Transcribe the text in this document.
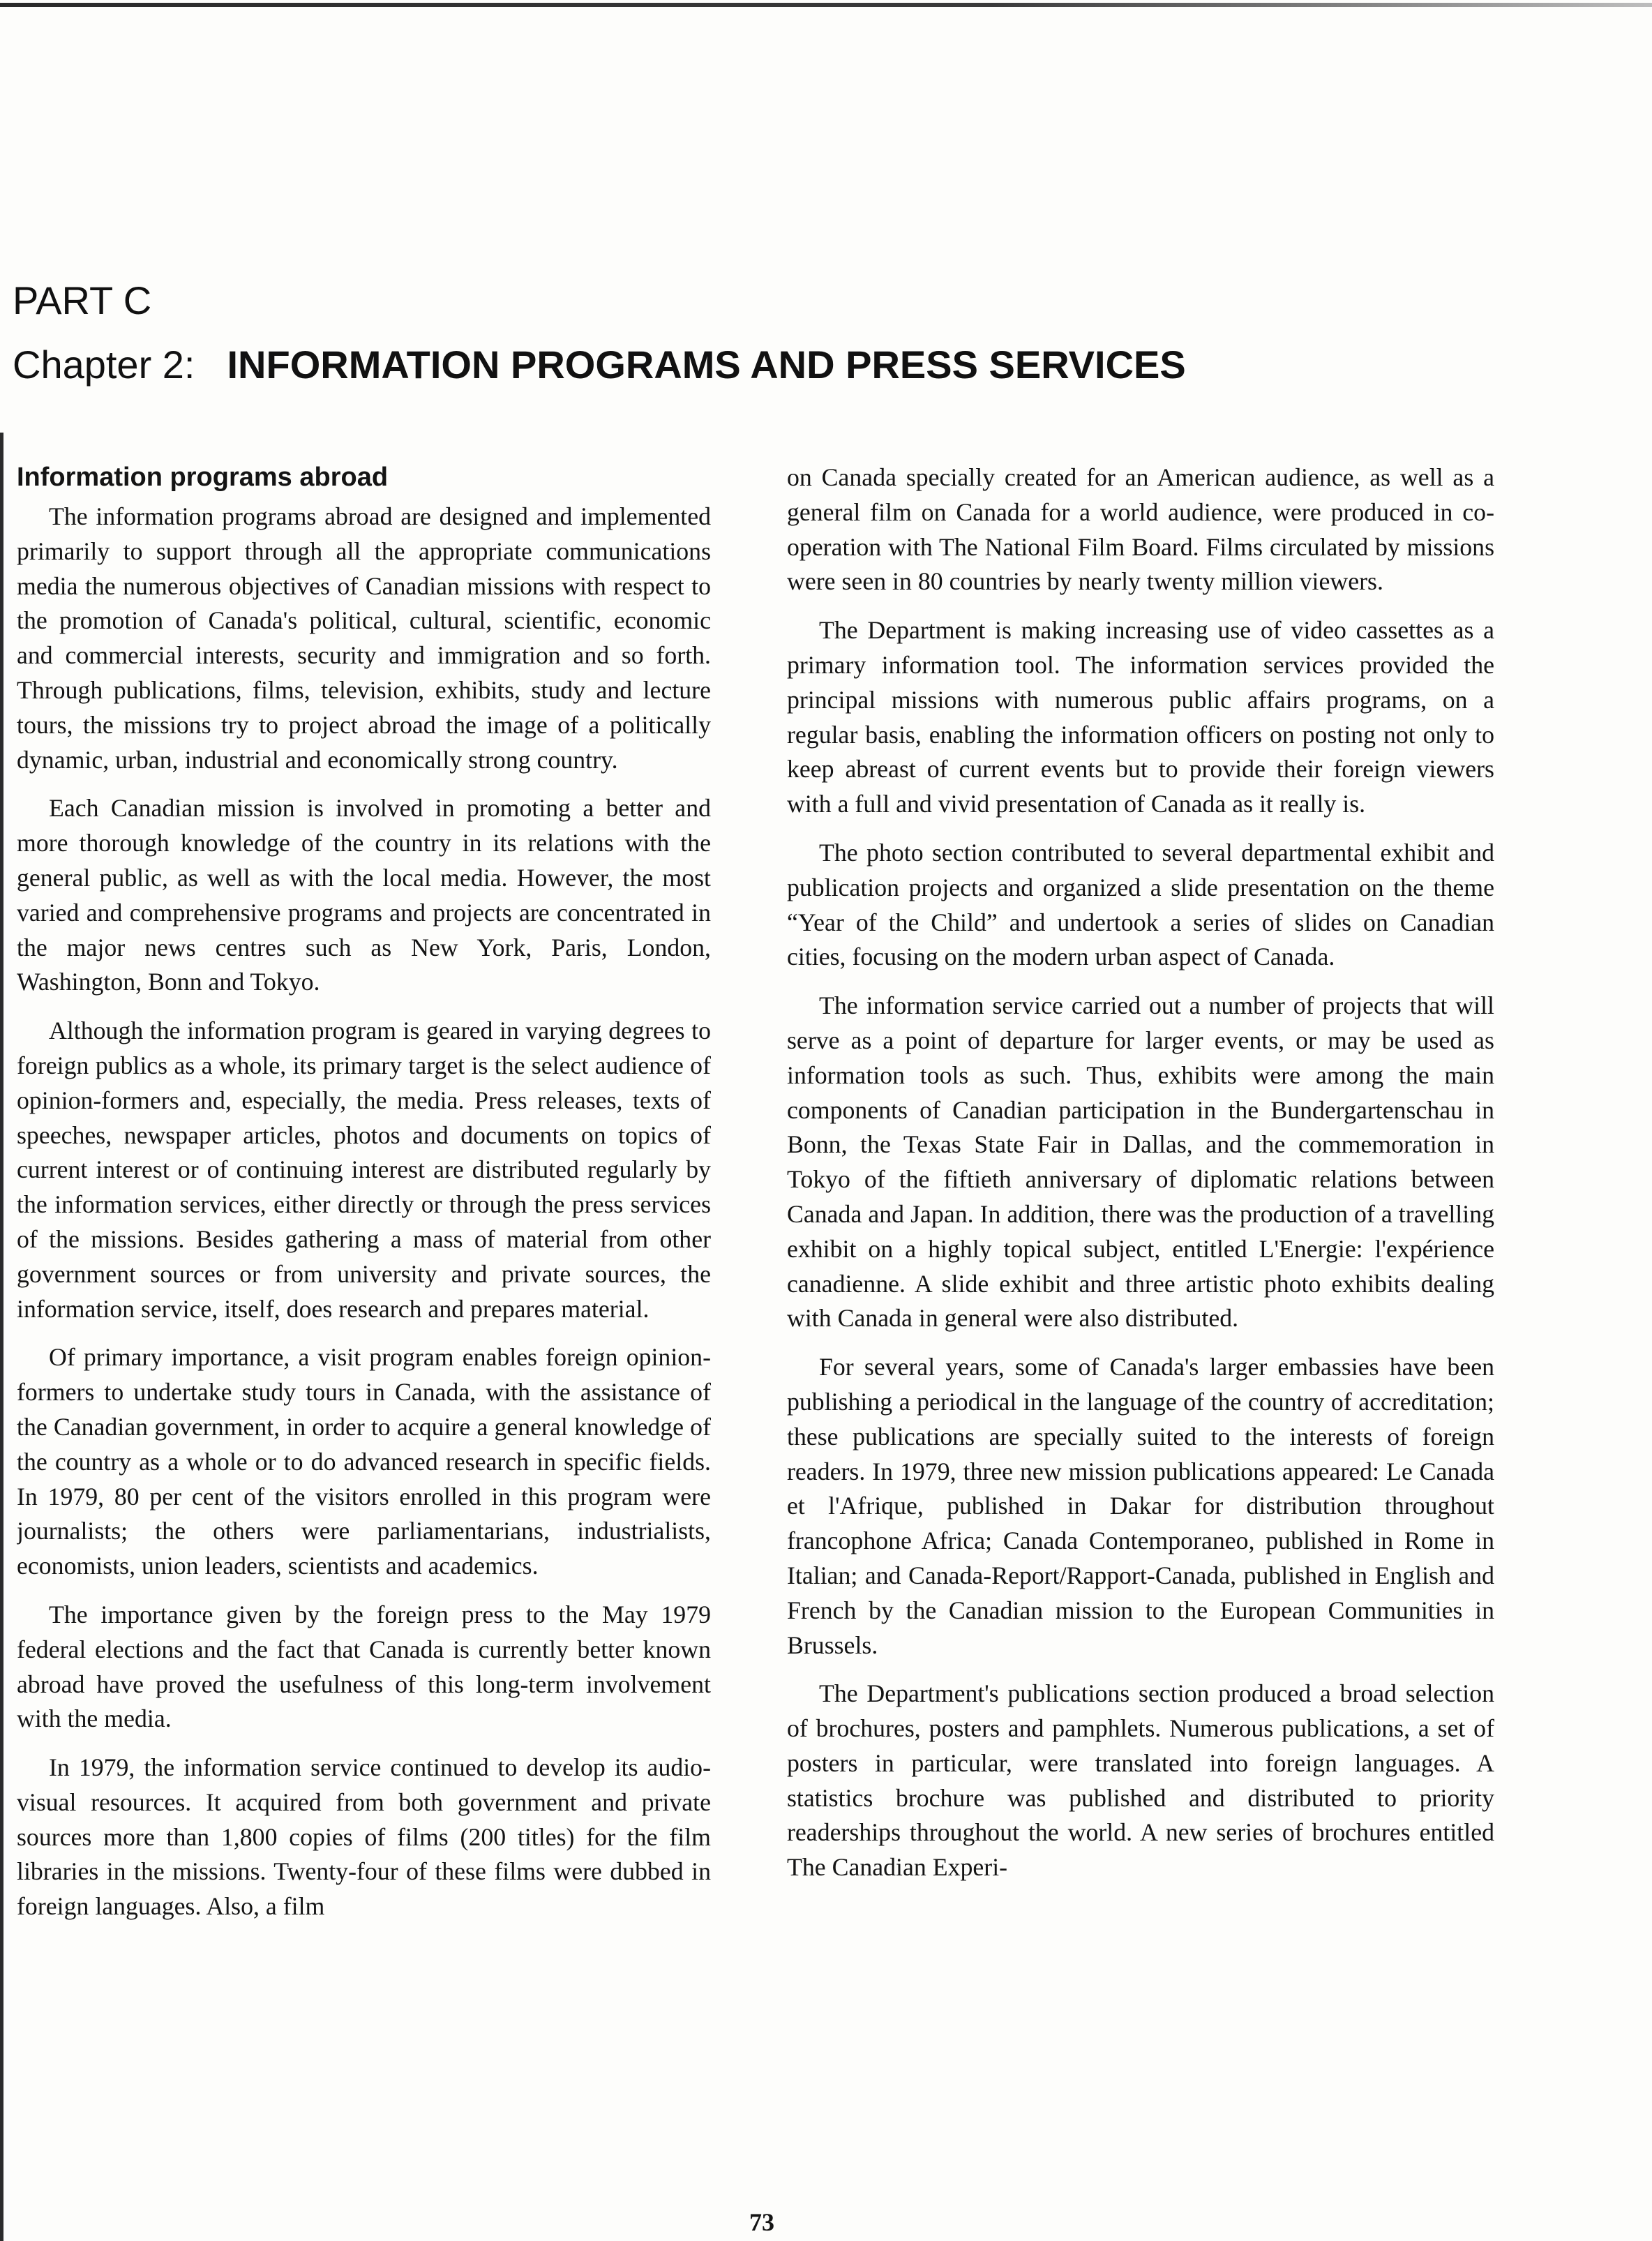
PART C
Chapter 2: INFORMATION PROGRAMS AND PRESS SERVICES
Information programs abroad

The information programs abroad are designed and implemented primarily to support through all the appropriate communications media the numerous objectives of Canadian missions with respect to the promotion of Canada's political, cultural, scientific, economic and commercial interests, security and immigration and so forth. Through publications, films, television, exhibits, study and lecture tours, the missions try to project abroad the image of a politically dynamic, urban, industrial and economically strong country.

Each Canadian mission is involved in promoting a better and more thorough knowledge of the country in its relations with the general public, as well as with the local media. However, the most varied and comprehensive programs and projects are concentrated in the major news centres such as New York, Paris, London, Washington, Bonn and Tokyo.

Although the information program is geared in varying degrees to foreign publics as a whole, its primary target is the select audience of opinion-formers and, especially, the media. Press releases, texts of speeches, newspaper articles, photos and documents on topics of current interest or of continuing interest are distributed regularly by the information services, either directly or through the press services of the missions. Besides gathering a mass of material from other government sources or from university and private sources, the information service, itself, does research and prepares material.

Of primary importance, a visit program enables foreign opinion-formers to undertake study tours in Canada, with the assistance of the Canadian government, in order to acquire a general knowledge of the country as a whole or to do advanced research in specific fields. In 1979, 80 per cent of the visitors enrolled in this program were journalists; the others were parliamentarians, industrialists, economists, union leaders, scientists and academics.

The importance given by the foreign press to the May 1979 federal elections and the fact that Canada is currently better known abroad have proved the usefulness of this long-term involvement with the media.

In 1979, the information service continued to develop its audio-visual resources. It acquired from both government and private sources more than 1,800 copies of films (200 titles) for the film libraries in the missions. Twenty-four of these films were dubbed in foreign languages. Also, a film

on Canada specially created for an American audience, as well as a general film on Canada for a world audience, were produced in co-operation with The National Film Board. Films circulated by missions were seen in 80 countries by nearly twenty million viewers.

The Department is making increasing use of video cassettes as a primary information tool. The information services provided the principal missions with numerous public affairs programs, on a regular basis, enabling the information officers on posting not only to keep abreast of current events but to provide their foreign viewers with a full and vivid presentation of Canada as it really is.

The photo section contributed to several departmental exhibit and publication projects and organized a slide presentation on the theme “Year of the Child” and undertook a series of slides on Canadian cities, focusing on the modern urban aspect of Canada.

The information service carried out a number of projects that will serve as a point of departure for larger events, or may be used as information tools as such. Thus, exhibits were among the main components of Canadian participation in the Bundergartenschau in Bonn, the Texas State Fair in Dallas, and the commemoration in Tokyo of the fiftieth anniversary of diplomatic relations between Canada and Japan. In addition, there was the production of a travelling exhibit on a highly topical subject, entitled L'Energie: l'expérience canadienne. A slide exhibit and three artistic photo exhibits dealing with Canada in general were also distributed.

For several years, some of Canada's larger embassies have been publishing a periodical in the language of the country of accreditation; these publications are specially suited to the interests of foreign readers. In 1979, three new mission publications appeared: Le Canada et l'Afrique, published in Dakar for distribution throughout francophone Africa; Canada Contemporaneo, published in Rome in Italian; and Canada-Report/Rapport-Canada, published in English and French by the Canadian mission to the European Communities in Brussels.

The Department's publications section produced a broad selection of brochures, posters and pamphlets. Numerous publications, a set of posters in particular, were translated into foreign languages. A statistics brochure was published and distributed to priority readerships throughout the world. A new series of brochures entitled The Canadian Experi-

73
